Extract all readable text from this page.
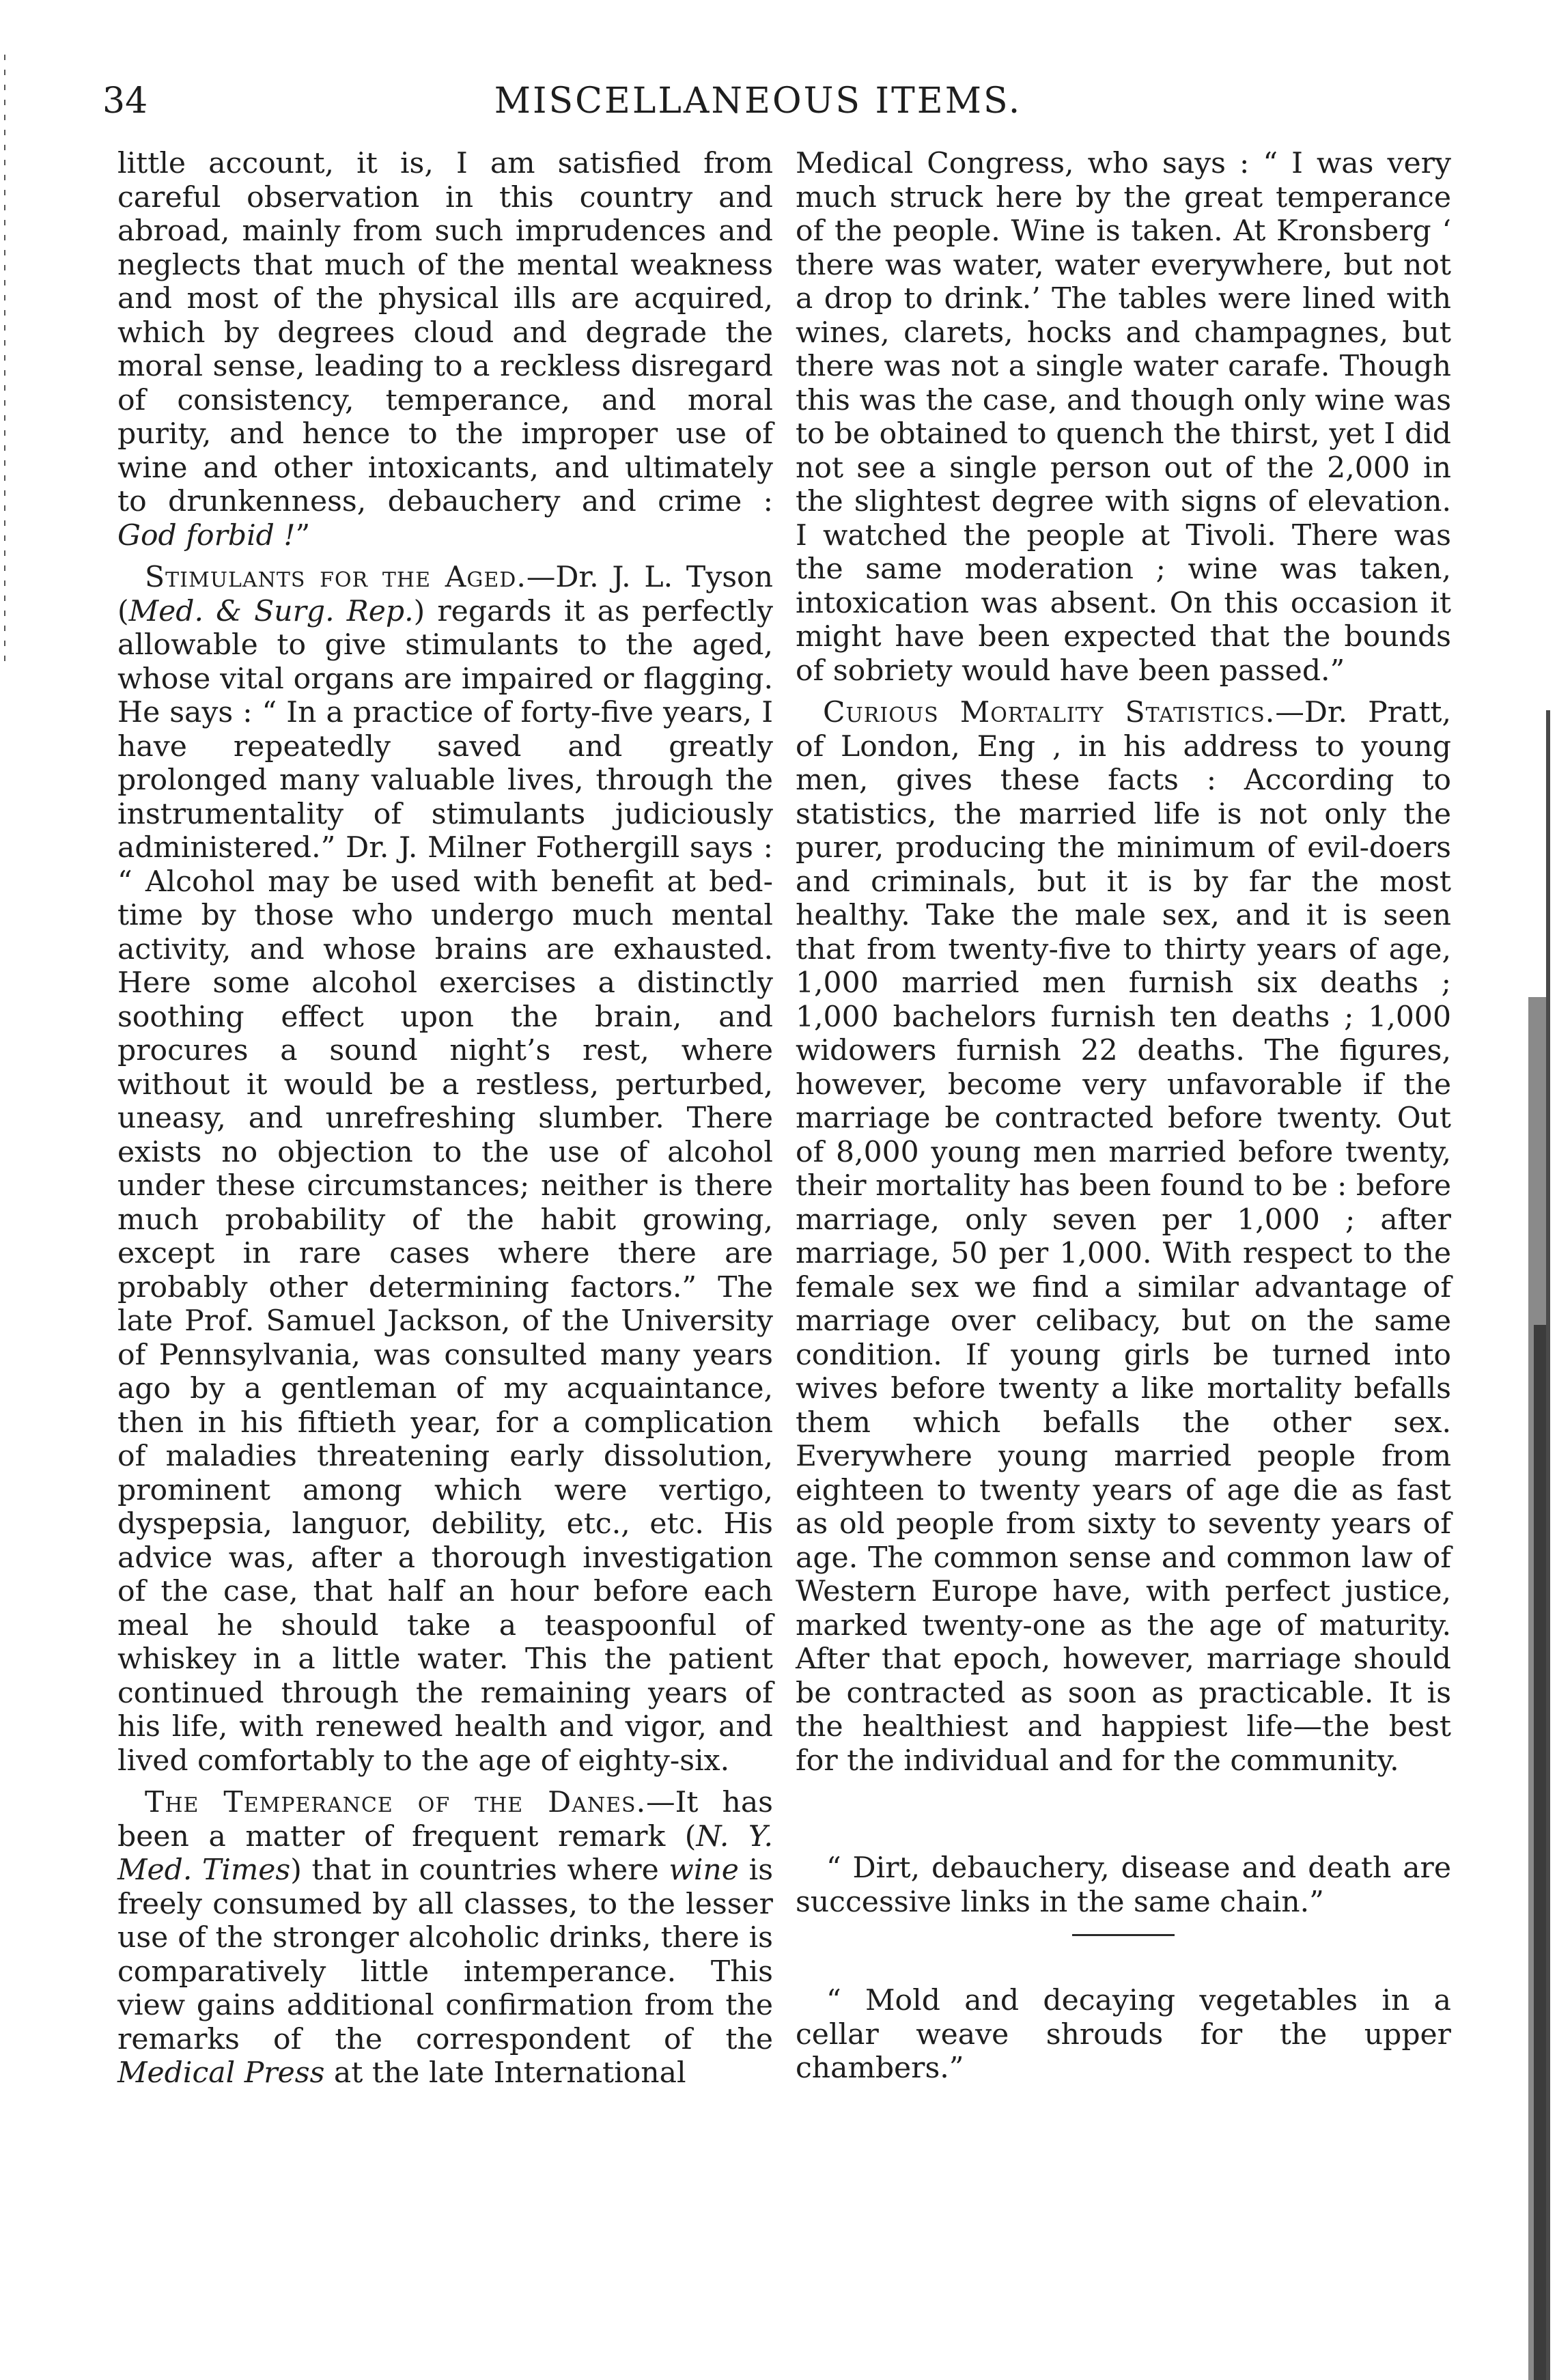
34	MISCELLANEOUS ITEMS.

little account, it is, I am satisfied from careful observation in this country and abroad, mainly from such imprudences and neglects that much of the mental weakness and most of the physical ills are acquired, which by degrees cloud and degrade the moral sense, leading to a reckless disregard of consistency, temperance, and moral purity, and hence to the improper use of wine and other intoxicants, and ultimately to drunkenness, debauchery and crime : God forbid !”

Stimulants for the Aged.—Dr. J. L. Tyson (Med. & Surg. Rep.) regards it as perfectly allowable to give stimulants to the aged, whose vital organs are impaired or flagging. He says : “ In a practice of forty-five years, I have repeatedly saved and greatly prolonged many valuable lives, through the instrumentality of stimulants judiciously administered.” Dr. J. Milner Fothergill says : “ Alcohol may be used with benefit at bed-time by those who undergo much mental activity, and whose brains are exhausted. Here some alcohol exercises a distinctly soothing effect upon the brain, and procures a sound night’s rest, where without it would be a restless, perturbed, uneasy, and unrefreshing slumber. There exists no objection to the use of alcohol under these circumstances; neither is there much probability of the habit growing, except in rare cases where there are probably other determining factors.” The late Prof. Samuel Jackson, of the University of Pennsylvania, was consulted many years ago by a gentleman of my acquaintance, then in his fiftieth year, for a complication of maladies threatening early dissolution, prominent among which were vertigo, dyspepsia, languor, debility, etc., etc. His advice was, after a thorough investigation of the case, that half an hour before each meal he should take a teaspoonful of whiskey in a little water. This the patient continued through the remaining years of his life, with renewed health and vigor, and lived comfortably to the age of eighty-six.

The Temperance of the Danes.—It has been a matter of frequent remark (N. Y. Med. Times) that in countries where wine is freely consumed by all classes, to the lesser use of the stronger alcoholic drinks, there is comparatively little intemperance. This view gains additional confirmation from the remarks of the correspondent of the Medical Press at the late International

Medical Congress, who says : “ I was very much struck here by the great temperance of the people. Wine is taken. At Kronsberg ‘ there was water, water everywhere, but not a drop to drink.’ The tables were lined with wines, clarets, hocks and champagnes, but there was not a single water carafe. Though this was the case, and though only wine was to be obtained to quench the thirst, yet I did not see a single person out of the 2,000 in the slightest degree with signs of elevation. I watched the people at Tivoli. There was the same moderation ; wine was taken, intoxication was absent. On this occasion it might have been expected that the bounds of sobriety would have been passed.”

Curious Mortality Statistics.—Dr. Pratt, of London, Eng , in his address to young men, gives these facts : According to statistics, the married life is not only the purer, producing the minimum of evil-doers and criminals, but it is by far the most healthy. Take the male sex, and it is seen that from twenty-five to thirty years of age, 1,000 married men furnish six deaths ; 1,000 bachelors furnish ten deaths ; 1,000 widowers furnish 22 deaths. The figures, however, become very unfavorable if the marriage be contracted before twenty. Out of 8,000 young men married before twenty, their mortality has been found to be : before marriage, only seven per 1,000 ; after marriage, 50 per 1,000. With respect to the female sex we find a similar advantage of marriage over celibacy, but on the same condition. If young girls be turned into wives before twenty a like mortality befalls them which befalls the other sex. Everywhere young married people from eighteen to twenty years of age die as fast as old people from sixty to seventy years of age. The common sense and common law of Western Europe have, with perfect justice, marked twenty-one as the age of maturity. After that epoch, however, marriage should be contracted as soon as practicable. It is the healthiest and happiest life—the best for the individual and for the community.

“ Dirt, debauchery, disease and death are successive links in the same chain.”

“ Mold and decaying vegetables in a cellar weave shrouds for the upper chambers.”
